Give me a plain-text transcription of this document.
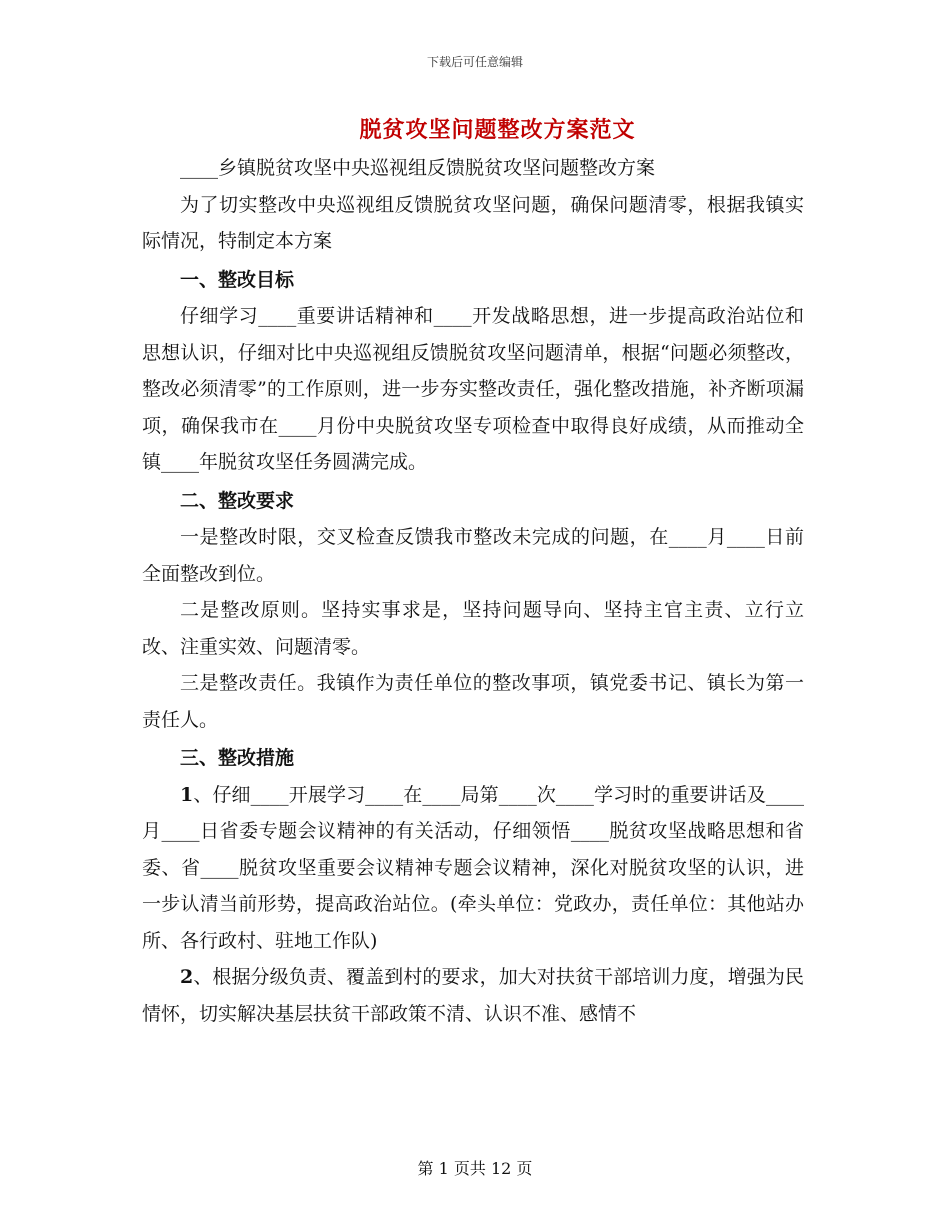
下载后可任意编辑
脱贫攻坚问题整改方案范文

____乡镇脱贫攻坚中央巡视组反馈脱贫攻坚问题整改方案

为了切实整改中央巡视组反馈脱贫攻坚问题，确保问题清零，根据我镇实际情况，特制定本方案

一、整改目标

仔细学习____重要讲话精神和____开发战略思想，进一步提高政治站位和思想认识，仔细对比中央巡视组反馈脱贫攻坚问题清单，根据“问题必须整改，整改必须清零”的工作原则，进一步夯实整改责任，强化整改措施，补齐断项漏项，确保我市在____月份中央脱贫攻坚专项检查中取得良好成绩，从而推动全镇____年脱贫攻坚任务圆满完成。

二、整改要求

一是整改时限，交叉检查反馈我市整改未完成的问题，在____月____日前全面整改到位。

二是整改原则。坚持实事求是，坚持问题导向、坚持主官主责、立行立改、注重实效、问题清零。

三是整改责任。我镇作为责任单位的整改事项，镇党委书记、镇长为第一责任人。

三、整改措施

1、仔细____开展学习____在____局第____次____学习时的重要讲话及____月____日省委专题会议精神的有关活动，仔细领悟____脱贫攻坚战略思想和省委、省____脱贫攻坚重要会议精神专题会议精神，深化对脱贫攻坚的认识，进一步认清当前形势，提高政治站位。(牵头单位：党政办，责任单位：其他站办所、各行政村、驻地工作队)

2、根据分级负责、覆盖到村的要求，加大对扶贫干部培训力度，增强为民情怀，切实解决基层扶贫干部政策不清、认识不准、感情不

第 1 页共 12 页
